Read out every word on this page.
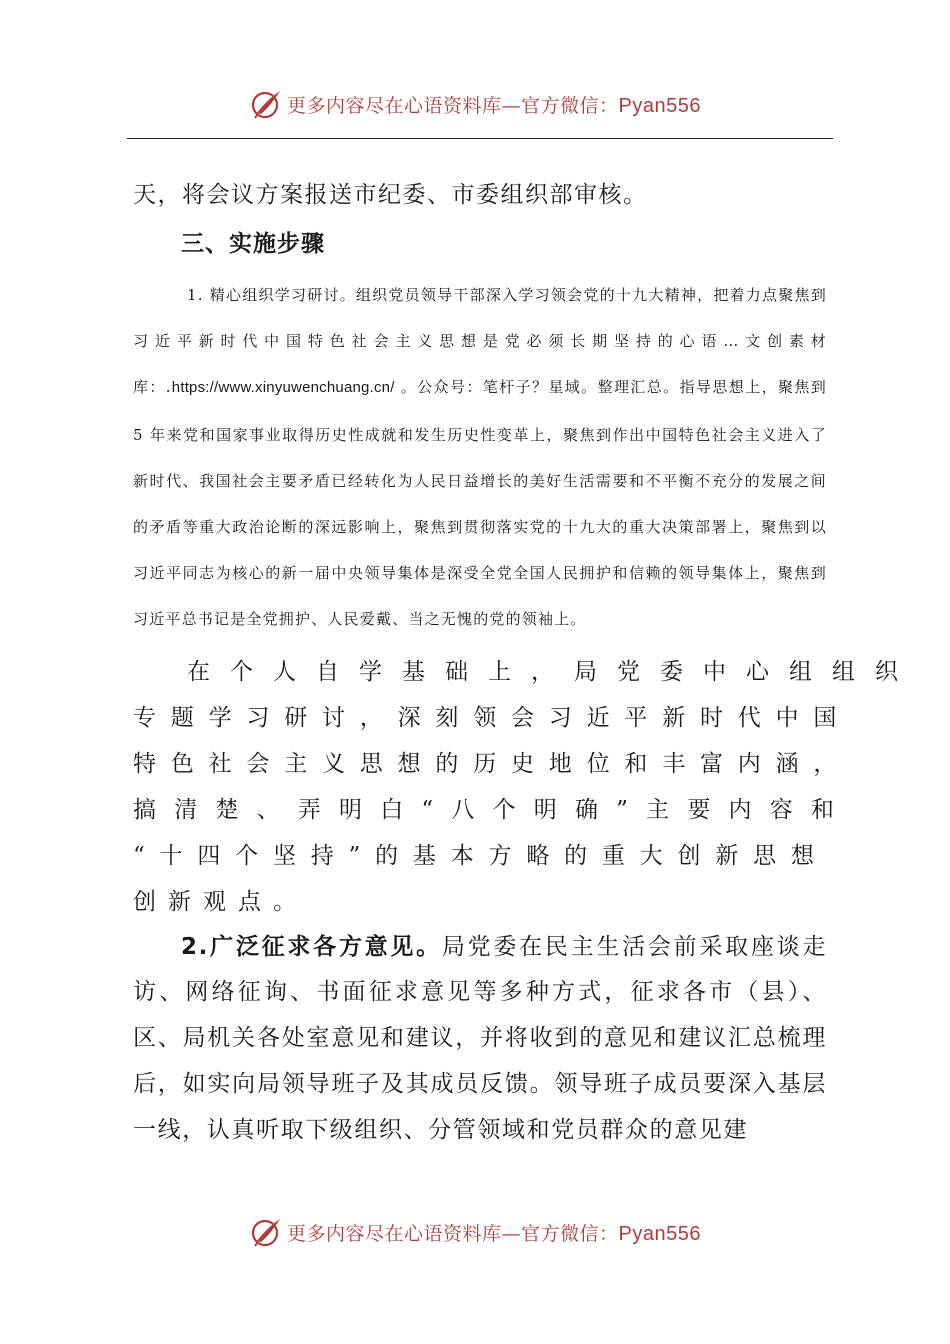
更多内容尽在心语资料库—官方微信：Pyan556

天，将会议方案报送市纪委、市委组织部审核。

三、实施步骤

1. 精心组织学习研讨。组织党员领导干部深入学习领会党的十九大精神，把着力点聚焦到习近平新时代中国特色社会主义思想是党必须长期坚持的心语…文创素材库：.https://www.xinyuwenchuang.cn/ 。公众号：笔杆子？星域。整理汇总。指导思想上，聚焦到5 年来党和国家事业取得历史性成就和发生历史性变革上，聚焦到作出中国特色社会主义进入了新时代、我国社会主要矛盾已经转化为人民日益增长的美好生活需要和不平衡不充分的发展之间的矛盾等重大政治论断的深远影响上，聚焦到贯彻落实党的十九大的重大决策部署上，聚焦到以习近平同志为核心的新一届中央领导集体是深受全党全国人民拥护和信赖的领导集体上，聚焦到习近平总书记是全党拥护、人民爱戴、当之无愧的党的领袖上。

在个人自学基础上，局党委中心组组织
专题学习研讨，深刻领会习近平新时代中国
特色社会主义思想的历史地位和丰富内涵，
搞清楚、弄明白“八个明确”主要内容和
“十四个坚持”的基本方略的重大创新思想
创新观点。

2.广泛征求各方意见。局党委在民主生活会前采取座谈走访、网络征询、书面征求意见等多种方式，征求各市（县）、区、局机关各处室意见和建议，并将收到的意见和建议汇总梳理后，如实向局领导班子及其成员反馈。领导班子成员要深入基层一线，认真听取下级组织、分管领域和党员群众的意见建

更多内容尽在心语资料库—官方微信：Pyan556
